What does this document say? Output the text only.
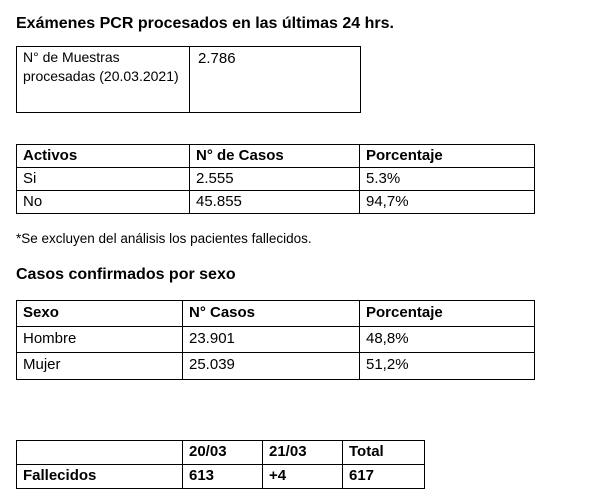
Exámenes PCR procesados en las últimas 24 hrs.
N° de Muestras procesadas (20.03.2021)	2.786
Activos	N° de Casos	Porcentaje
Si	2.555	5.3%
No	45.855	94,7%
*Se excluyen del análisis los pacientes fallecidos.
Casos confirmados por sexo
Sexo	N° Casos	Porcentaje
Hombre	23.901	48,8%
Mujer	25.039	51,2%
	20/03	21/03	Total
Fallecidos	613	+4	617
